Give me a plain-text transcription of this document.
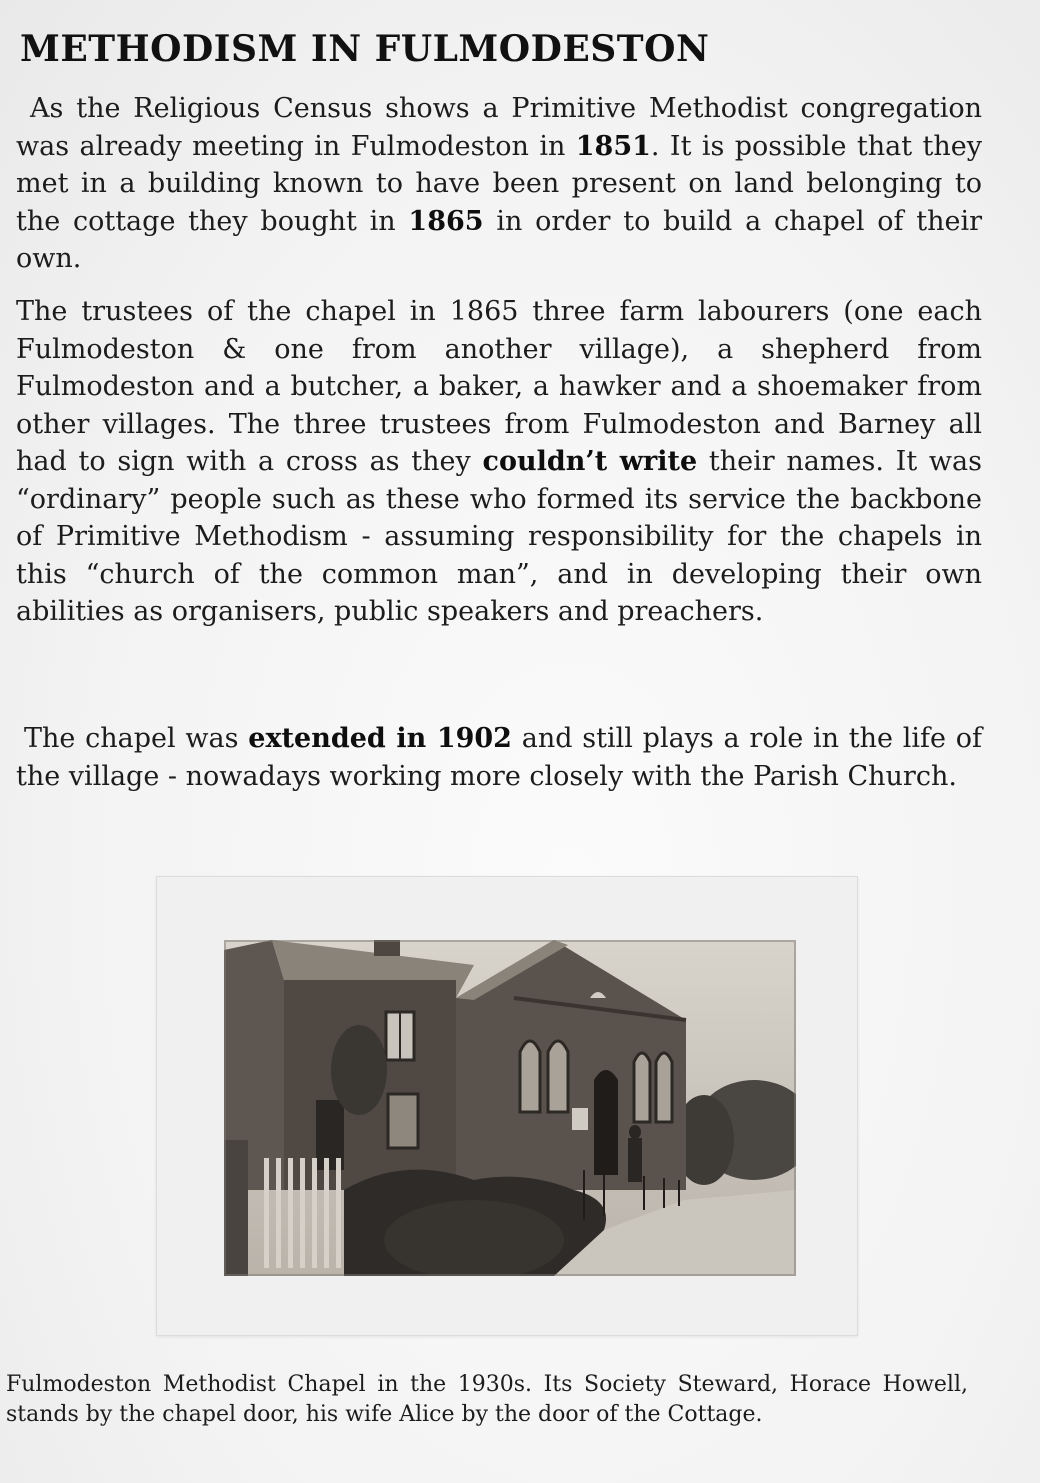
METHODISM IN FULMODESTON

As the Religious Census shows a Primitive Methodist congregation was already meeting in Fulmodeston in 1851. It is possible that they met in a building known to have been present on land belonging to the cottage they bought in 1865 in order to build a chapel of their own.

The trustees of the chapel in 1865 three farm labourers (one each Fulmodeston & one from another village), a shepherd from Fulmodeston and a butcher, a baker, a hawker and a shoemaker from other villages. The three trustees from Fulmodeston and Barney all had to sign with a cross as they couldn’t write their names. It was “ordinary” people such as these who formed its service the backbone of Primitive Methodism - assuming responsibility for the chapels in this “church of the common man”, and in developing their own abilities as organisers, public speakers and preachers.

The chapel was extended in 1902 and still plays a role in the life of the village - nowadays working more closely with the Parish Church.

Fulmodeston Methodist Chapel in the 1930s. Its Society Steward, Horace Howell, stands by the chapel door, his wife Alice by the door of the Cottage.
